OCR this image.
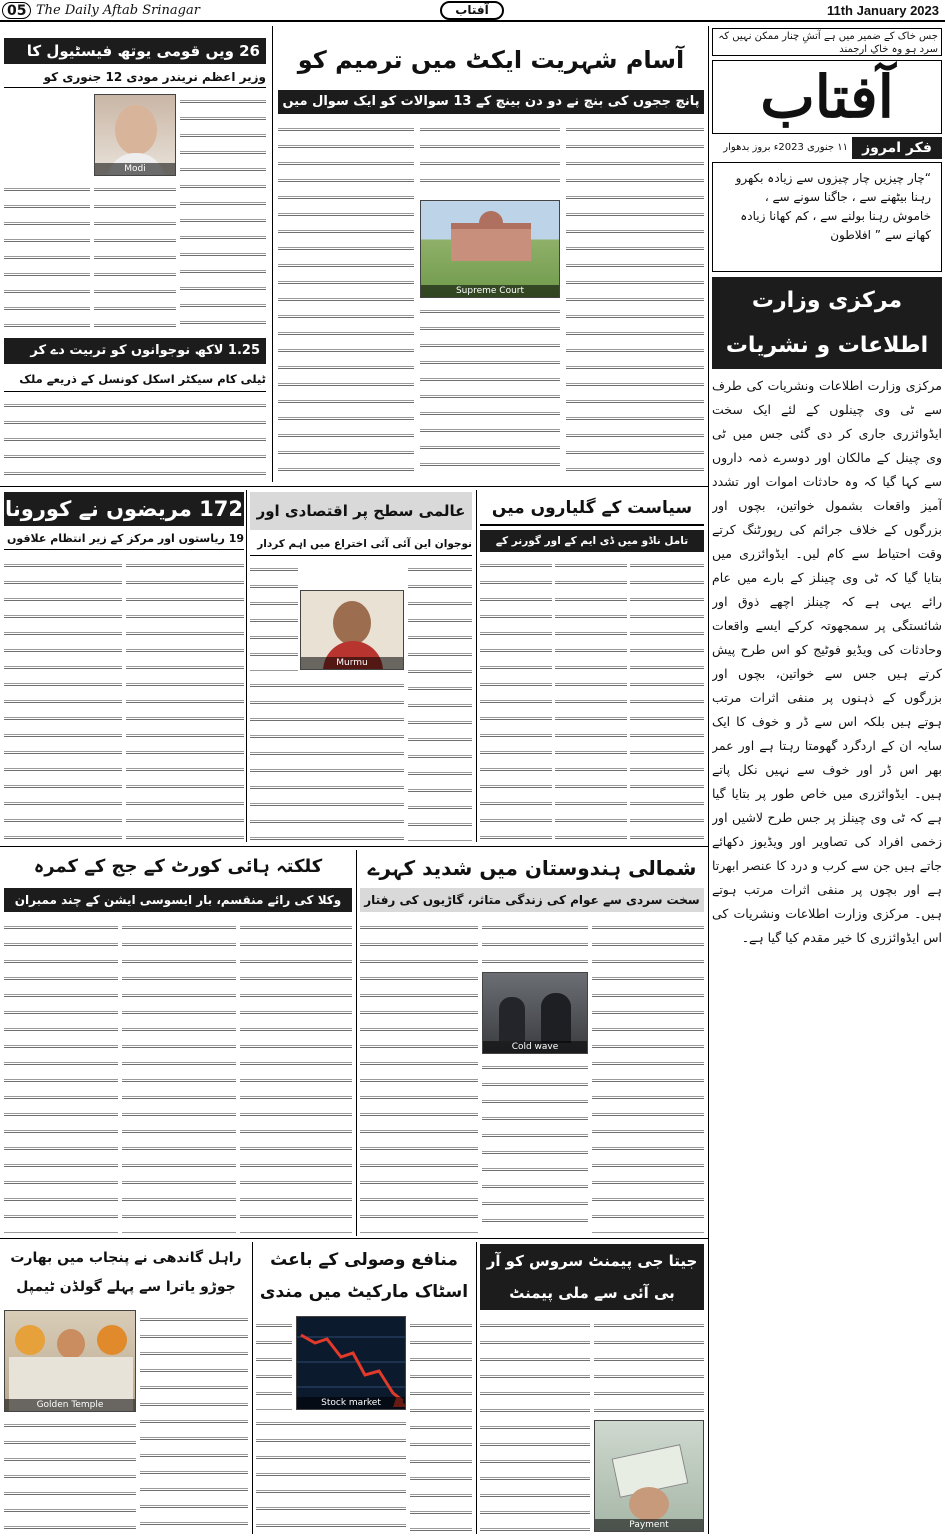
05 The Daily Aftab Srinagar	آفتاب	11th January 2023
جس خاک کے ضمیر میں ہے آتشِ چنار ممکن نہیں کہ سرد ہو وہ خاکِ ارجمند
آفتاب
فکر امروز
۱۱ جنوری 2023ء بروز بدھوار
“چار چیزیں چار چیزوں سے زیادہ بکھرو رہنا بیٹھنے سے ، جاگنا سونے سے ، خاموش رہنا بولنے سے ، کم کھانا زیادہ کھانے سے ” افلاطون
مرکزی وزارت اطلاعات و نشریات
مرکزی وزارت اطلاعات ونشریات کی طرف سے ٹی وی چینلوں کے لئے ایک سخت ایڈوائزری جاری کر دی گئی جس میں ٹی وی چینل کے مالکان اور دوسرے ذمہ داروں سے کہا گیا کہ وہ حادثات اموات اور تشدد آمیز واقعات بشمول خواتین، بچوں اور بزرگوں کے خلاف جرائم کی رپورٹنگ کرتے وقت احتیاط سے کام لیں۔ ایڈوائزری میں بتایا گیا کہ ٹی وی چینلز کے بارے میں عام رائے یہی ہے کہ چینلز اچھے ذوق اور شائستگی پر سمجھوتہ کرکے ایسے واقعات وحادثات کی ویڈیو فوٹیج کو اس طرح پیش کرتے ہیں جس سے خواتین، بچوں اور بزرگوں کے ذہنوں پر منفی اثرات مرتب ہوتے ہیں بلکہ اس سے ڈر و خوف کا ایک سایہ ان کے اردگرد گھومتا رہتا ہے اور عمر بھر اس ڈر اور خوف سے نہیں نکل پاتے ہیں۔ ایڈوائزری میں خاص طور پر بتایا گیا ہے کہ ٹی وی چینلز پر جس طرح لاشیں اور زخمی افراد کی تصاویر اور ویڈیوز دکھائے جاتے ہیں جن سے کرب و درد کا عنصر ابھرتا ہے اور بچوں پر منفی اثرات مرتب ہوتے ہیں۔ مرکزی وزارت اطلاعات ونشریات کی اس ایڈوائزری کا خیر مقدم کیا گیا ہے۔
26 ویں قومی یوتھ فیسٹیول کا
وزیر اعظم نریندر مودی 12 جنوری کو
Modi
1.25 لاکھ نوجوانوں کو تربیت دے کر
ٹیلی کام سیکٹر اسکل کونسل کے ذریعے ملک
آسام شہریت ایکٹ میں ترمیم کو
پانچ ججوں کی بنچ نے دو دن بینچ کے 13 سوالات کو ایک سوال میں
Supreme Court
172 مریضوں نے کورونا
19 ریاستوں اور مرکز کے زیر انتظام علاقوں
عالمی سطح پر اقتصادی اور
نوجوان این آئی آئی اختراع میں اہم کردار
Murmu
سیاست کے گلیاروں میں
تامل ناڈو میں ڈی ایم کے اور گورنر کے
شمالی ہندوستان میں شدید کہرے
سخت سردی سے عوام کی زندگی متاثر، گاڑیوں کی رفتار
Cold wave
کلکتہ ہائی کورٹ کے جج کے کمرہ
وکلا کی رائے منقسم، بار ایسوسی ایشن کے چند ممبران
جیتا جی پیمنٹ سروس کو آر بی آئی سے ملی پیمنٹ
Payment
منافع وصولی کے باعث اسٹاک مارکیٹ میں مندی
Stock market
راہل گاندھی نے پنجاب میں بھارت جوڑو یاترا سے پہلے گولڈن ٹیمپل
Golden Temple
